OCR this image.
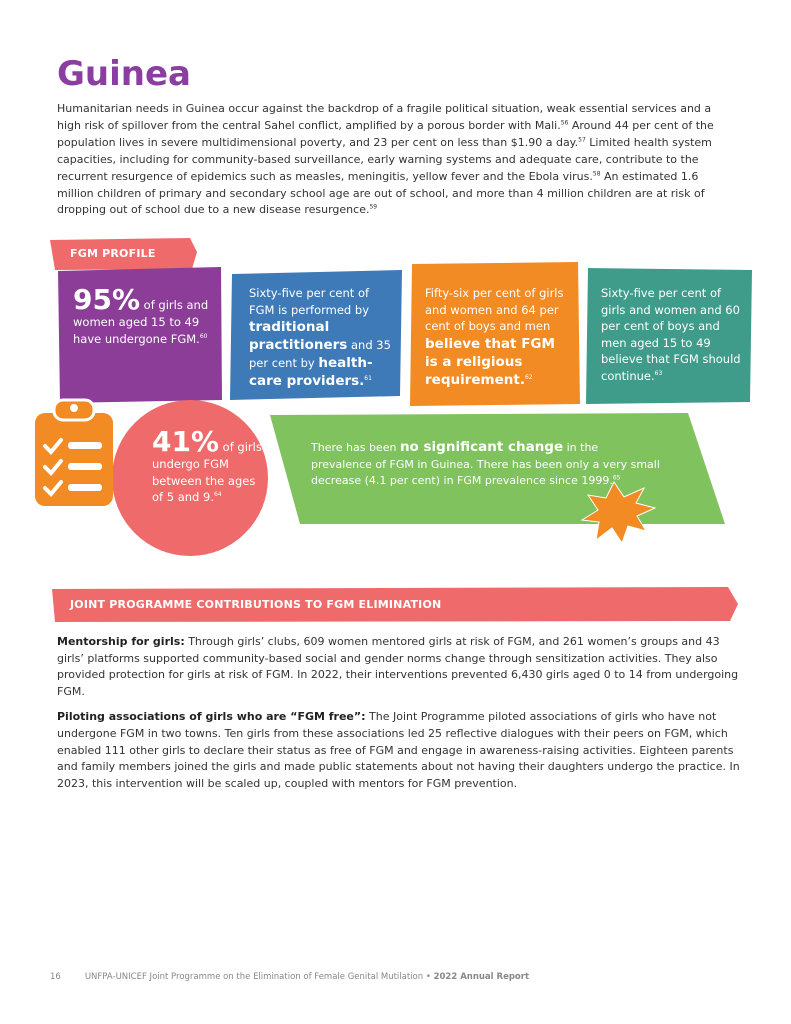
Guinea

Humanitarian needs in Guinea occur against the backdrop of a fragile political situation, weak essential services and a high risk of spillover from the central Sahel conflict, amplified by a porous border with Mali.$^{56}$ Around 44 per cent of the population lives in severe multidimensional poverty, and 23 per cent on less than $1.90 a day.$^{57}$ Limited health system capacities, including for community-based surveillance, early warning systems and adequate care, contribute to the recurrent resurgence of epidemics such as measles, meningitis, yellow fever and the Ebola virus.$^{58}$ An estimated 1.6 million children of primary and secondary school age are out of school, and more than 4 million children are at risk of dropping out of school due to a new disease resurgence.$^{59}$

FGM PROFILE
95% of girls and women aged 15 to 49 have undergone FGM.$^{60}$
Sixty-five per cent of FGM is performed by traditional practitioners and 35 per cent by health-care providers.$^{61}$
Fifty-six per cent of girls and women and 64 per cent of boys and men believe that FGM is a religious requirement.$^{62}$
Sixty-five per cent of girls and women and 60 per cent of boys and men aged 15 to 49 believe that FGM should continue.$^{63}$
41% of girls undergo FGM between the ages of 5 and 9.64
There has been no significant change in the prevalence of FGM in Guinea. There has been only a very small decrease (4.1 per cent) in FGM prevalence since 1999.65
JOINT PROGRAMME CONTRIBUTIONS TO FGM ELIMINATION

Mentorship for girls: Through girls’ clubs, 609 women mentored girls at risk of FGM, and 261 women’s groups and 43 girls’ platforms supported community-based social and gender norms change through sensitization activities. They also provided protection for girls at risk of FGM. In 2022, their interventions prevented 6,430 girls aged 0 to 14 from undergoing FGM.

Piloting associations of girls who are “FGM free”: The Joint Programme piloted associations of girls who have not undergone FGM in two towns. Ten girls from these associations led 25 reflective dialogues with their peers on FGM, which enabled 111 other girls to declare their status as free of FGM and engage in awareness-raising activities. Eighteen parents and family members joined the girls and made public statements about not having their daughters undergo the practice. In 2023, this intervention will be scaled up, coupled with mentors for FGM prevention.

16	UNFPA-UNICEF Joint Programme on the Elimination of Female Genital Mutilation • 2022 Annual Report
